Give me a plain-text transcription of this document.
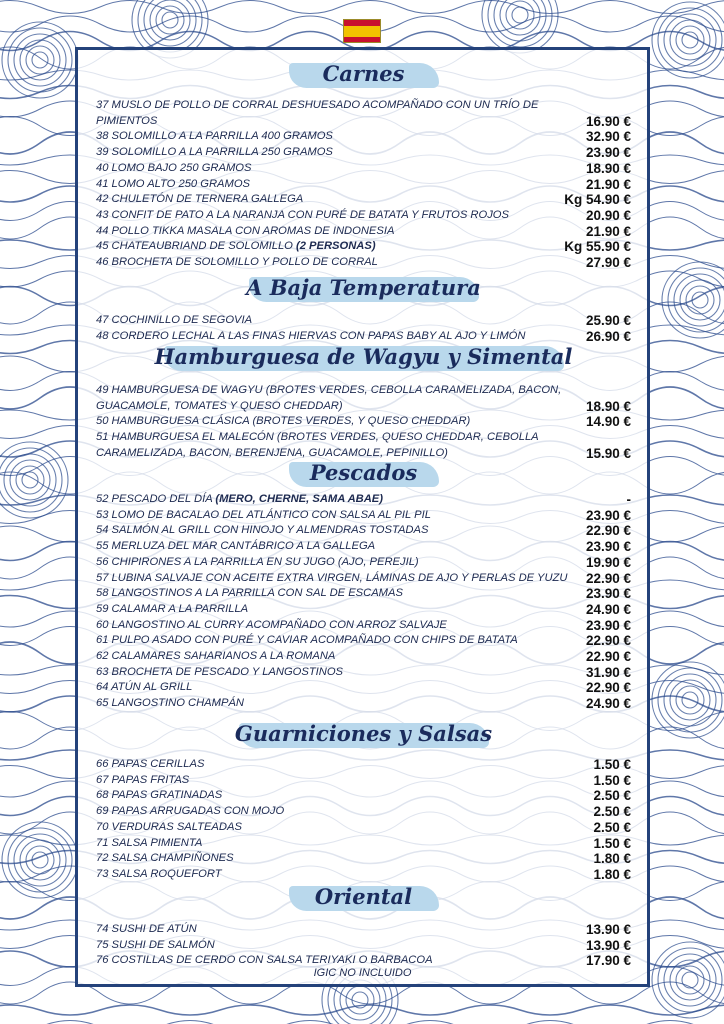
Carnes
37 MUSLO DE POLLO DE CORRAL DESHUESADO ACOMPAÑADO CON UN TRÍO DE PIMIENTOS	16.90 €
38 SOLOMILLO A LA PARRILLA 400 GRAMOS	32.90 €
39 SOLOMILLO A LA PARRILLA 250 GRAMOS	23.90 €
40 LOMO BAJO 250 GRAMOS	18.90 €
41 LOMO ALTO 250 GRAMOS	21.90 €
42 CHULETÓN DE TERNERA GALLEGA	Kg 54.90 €
43 CONFIT DE PATO A LA NARANJA CON PURÉ DE BATATA Y FRUTOS ROJOS	20.90 €
44 POLLO TIKKA MASALA CON AROMAS DE INDONESIA	21.90 €
45 CHATEAUBRIAND DE SOLOMILLO (2 PERSONAS)	Kg 55.90 €
46 BROCHETA DE SOLOMILLO Y POLLO DE CORRAL	27.90 €
A Baja Temperatura
47 COCHINILLO DE SEGOVIA	25.90 €
48 CORDERO LECHAL A LAS FINAS HIERVAS CON PAPAS BABY AL AJO Y LIMÓN	26.90 €
Hamburguesa de Wagyu y Simental
49 HAMBURGUESA DE WAGYU (BROTES VERDES, CEBOLLA CARAMELIZADA, BACON, GUACAMOLE, TOMATES Y QUESO CHEDDAR)	18.90 €
50 HAMBURGUESA CLÁSICA (BROTES VERDES, Y QUESO CHEDDAR)	14.90 €
51 HAMBURGUESA EL MALECÓN (BROTES VERDES, QUESO CHEDDAR, CEBOLLA CARAMELIZADA, BACON, BERENJENA, GUACAMOLE, PEPINILLO)	15.90 €
Pescados
52 PESCADO DEL DÍA (MERO, CHERNE, SAMA ABAE)	-
53 LOMO DE BACALAO DEL ATLÁNTICO CON SALSA AL PIL PIL	23.90 €
54 SALMÓN AL GRILL CON HINOJO Y ALMENDRAS TOSTADAS	22.90 €
55 MERLUZA DEL MAR CANTÁBRICO A LA GALLEGA	23.90 €
56 CHIPIRONES A LA PARRILLA EN SU JUGO (AJO, PEREJIL)	19.90 €
57 LUBINA SALVAJE CON ACEITE EXTRA VIRGEN, LÁMINAS DE AJO Y PERLAS DE YUZU	22.90 €
58 LANGOSTINOS A LA PARRILLA CON SAL DE ESCAMAS	23.90 €
59 CALAMAR A LA PARRILLA	24.90 €
60 LANGOSTINO AL CURRY ACOMPAÑADO CON ARROZ SALVAJE	23.90 €
61 PULPO ASADO CON PURÉ Y CAVIAR ACOMPAÑADO CON CHIPS DE BATATA	22.90 €
62 CALAMARES SAHARIANOS A LA ROMANA	22.90 €
63 BROCHETA DE PESCADO Y LANGOSTINOS	31.90 €
64 ATÚN AL GRILL	22.90 €
65 LANGOSTINO CHAMPÁN	24.90 €
Guarniciones y Salsas
66 PAPAS CERILLAS	1.50 €
67 PAPAS FRITAS	1.50 €
68 PAPAS GRATINADAS	2.50 €
69 PAPAS ARRUGADAS CON MOJO	2.50 €
70 VERDURAS SALTEADAS	2.50 €
71 SALSA PIMIENTA	1.50 €
72 SALSA CHAMPIÑONES	1.80 €
73 SALSA ROQUEFORT	1.80 €
Oriental
74 SUSHI DE ATÚN	13.90 €
75 SUSHI DE SALMÓN	13.90 €
76 COSTILLAS DE CERDO CON SALSA TERIYAKI O BARBACOA	17.90 €
IGIC NO INCLUIDO
